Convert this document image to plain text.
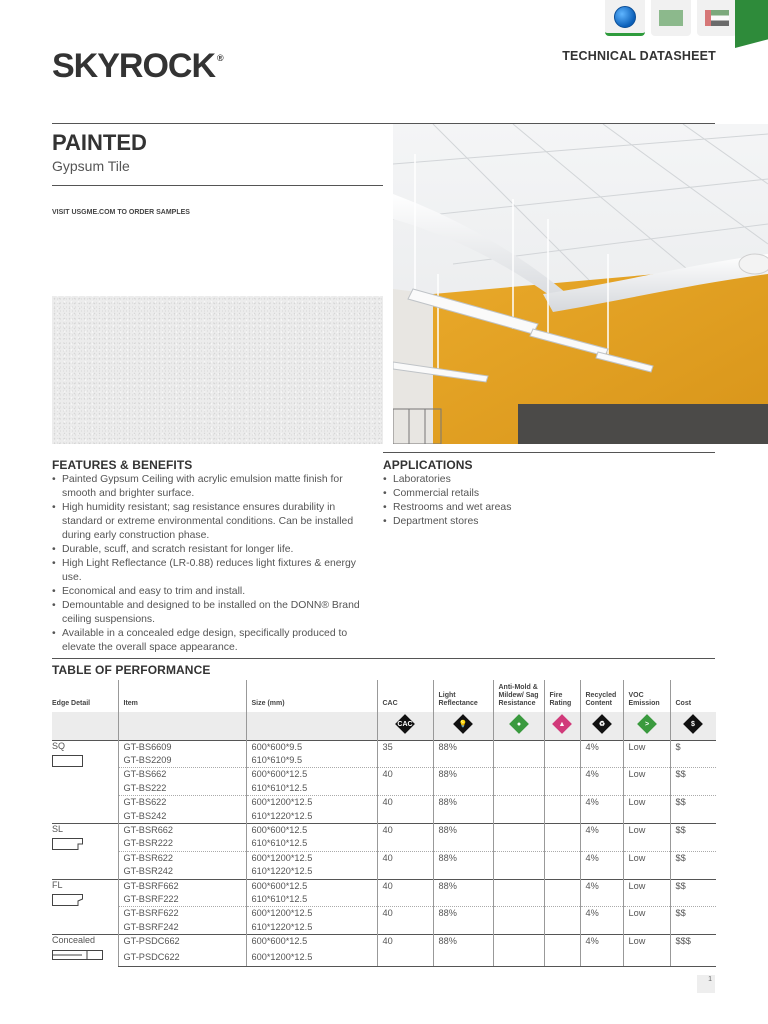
SKYROCK ®	TECHNICAL DATASHEET
PAINTED
Gypsum Tile
VISIT USGME.COM TO ORDER SAMPLES
FEATURES & BENEFITS
• Painted Gypsum Ceiling with acrylic emulsion matte finish for smooth and brighter surface.
• High humidity resistant; sag resistance ensures durability in standard or extreme environmental conditions. Can be installed during early construction phase.
• Durable, scuff, and scratch resistant for longer life.
• High Light Reflectance (LR-0.88) reduces light fixtures & energy use.
• Economical and easy to trim and install.
• Demountable and designed to be installed on the DONN® Brand ceiling suspensions.
• Available in a concealed edge design, specifically produced to elevate the overall space appearance.
APPLICATIONS
• Laboratories
• Commercial retails
• Restrooms and wet areas
• Department stores
TABLE OF PERFORMANCE
Edge Detail	Item	Size (mm)	CAC	Light Reflectance	Anti-Mold & Mildew/ Sag Resistance	Fire Rating	Recycled Content	VOC Emission	Cost

CAC	💡	●	▲	♻	>	$

SQ	GT-BS6609	600*600*9.5	35	88%			4%	Low	$
	GT-BS2209	610*610*9.5							
	GT-BS662	600*600*12.5	40	88%			4%	Low	$$
	GT-BS222	610*610*12.5							
	GT-BS622	600*1200*12.5	40	88%			4%	Low	$$
	GT-BS242	610*1220*12.5							

SL	GT-BSR662	600*600*12.5	40	88%			4%	Low	$$
	GT-BSR222	610*610*12.5							
	GT-BSR622	600*1200*12.5	40	88%			4%	Low	$$
	GT-BSR242	610*1220*12.5							

FL	GT-BSRF662	600*600*12.5	40	88%			4%	Low	$$
	GT-BSRF222	610*610*12.5							
	GT-BSRF622	600*1200*12.5	40	88%			4%	Low	$$
	GT-BSRF242	610*1220*12.5							

Concealed	GT-PSDC662	600*600*12.5	40	88%			4%	Low	$$$
	GT-PSDC622	600*1200*12.5							
1
